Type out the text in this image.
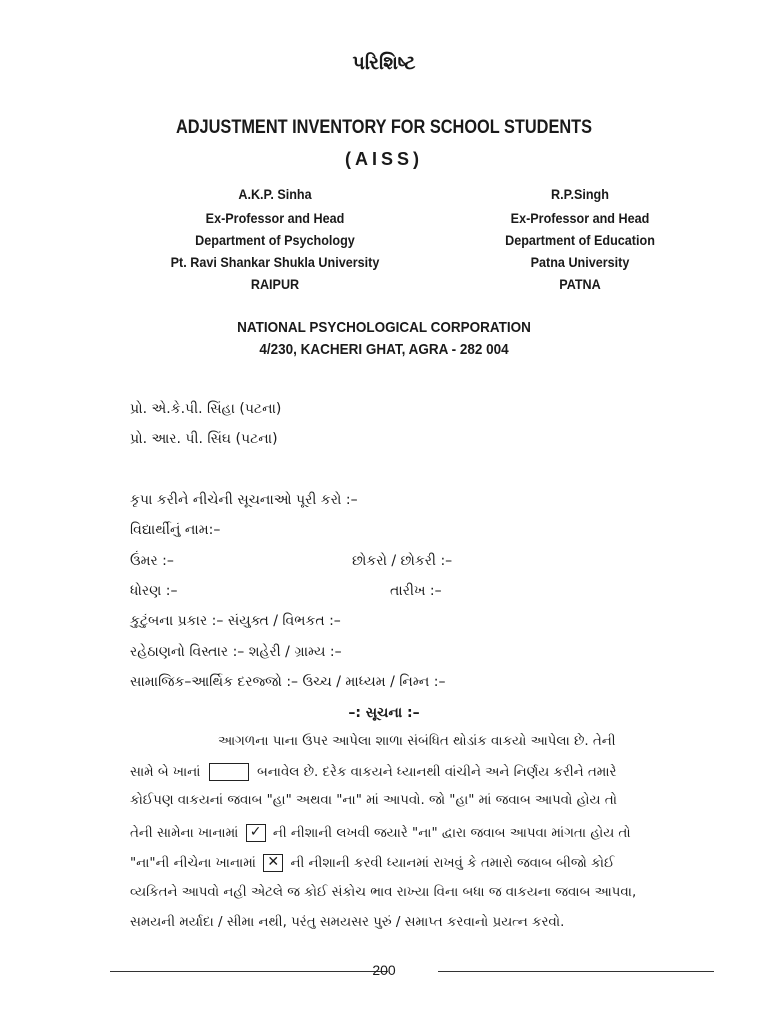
પરિશિષ્ટ
ADJUSTMENT INVENTORY FOR SCHOOL STUDENTS
(AISS)
A.K.P. Sinha
Ex-Professor and Head
Department of Psychology
Pt. Ravi Shankar Shukla University
RAIPUR
R.P.Singh
Ex-Professor and Head
Department of Education
Patna University
PATNA
NATIONAL PSYCHOLOGICAL CORPORATION
4/230, KACHERI GHAT, AGRA - 282 004
પ્રો. એ.કે.પી. સિંહા (પટના)
પ્રો. આર. પી. સિંઘ (પટના)
કૃપા કરીને નીચેની સૂચનાઓ પૂરી કરો :–
વિદ્યાર્થીનું નામ:–
ઉંમર :–	છોકરો / છોકરી :–
ધોરણ :–	તારીખ :–
કુટુંબના પ્રકાર :– સંયુક્ત / વિભકત :–
રહેઠાણનો વિસ્તાર :– શહેરી / ગ્રામ્ય :–
સામાજિક–આર્થિક દરજ્જો :– ઉચ્ચ / માધ્યમ / નિમ્ન :–
–: સૂચના :–
આગળના પાના ઉપર આપેલા શાળા સંબંધિત થોડાંક વાકયો આપેલા છે. તેની
સામે બે ખાનાં	બનાવેલ છે. દરેક વાકયને ધ્યાનથી વાંચીને અને નિર્ણય કરીને તમારે
કોઈપણ વાકયનાં જવાબ "હા" અથવા "ના" માં આપવો. જો "હા" માં જવાબ આપવો હોય તો
તેની સામેના ખાનામાં ✓ ની નીશાની લખવી જયારે "ના" દ્વારા જવાબ આપવા માંગતા હોય તો
"ના"ની નીચેના ખાનામાં ✕ ની નીશાની કરવી ધ્યાનમાં રાખવું કે તમારો જવાબ બીજો કોઈ
વ્યકિતને આપવો નહી એટલે જ કોઈ સંકોચ ભાવ રાખ્યા વિના બધા જ વાકયના જવાબ આપવા,
સમયની મર્યાદા / સીમા નથી, પરંતુ સમયસર પુરું / સમાપ્ત કરવાનો પ્રયત્ન કરવો.
200
